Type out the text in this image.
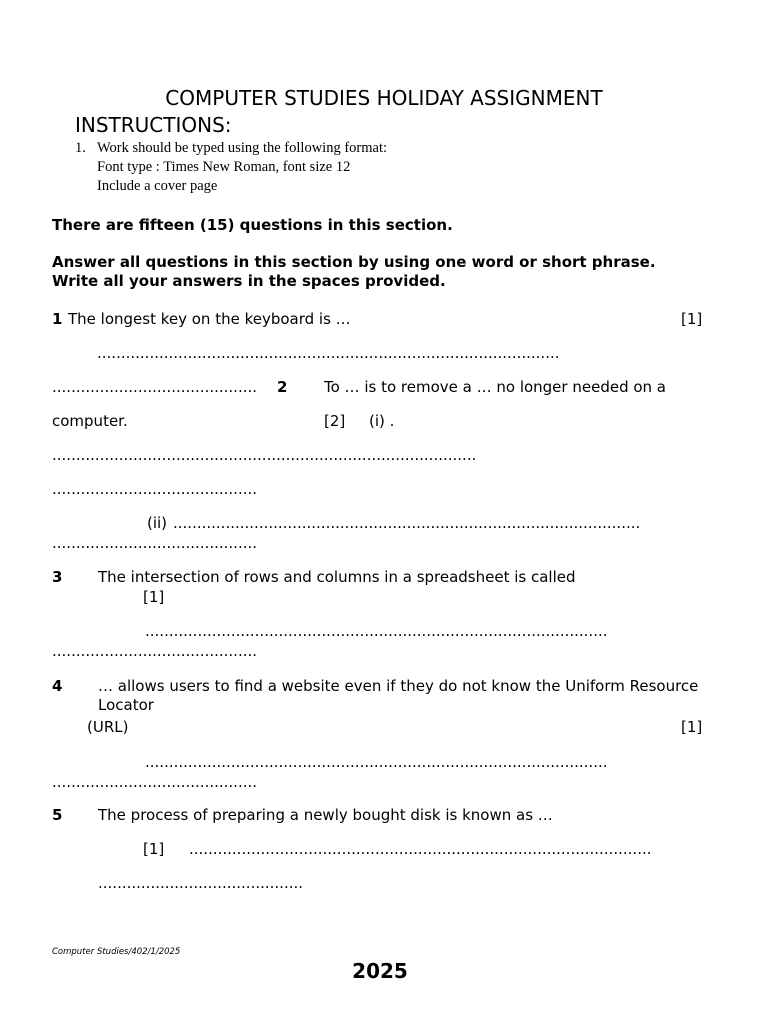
COMPUTER STUDIES HOLIDAY ASSIGNMENT
INSTRUCTIONS:
1. Work should be typed using the following format:
Font type : Times New Roman, font size 12
Include a cover page
There are fifteen (15) questions in this section.
Answer all questions in this section by using one word or short phrase.
Write all your answers in the spaces provided.
1 The longest key on the keyboard is …	[1]
.................................................................................................
........................................... 2 To … is to remove a … no longer needed on a
computer.	[2] (i) .
.........................................................................................
...........................................
(ii) ..................................................................................................
...........................................
3 The intersection of rows and columns in a spreadsheet is called
[1]
.................................................................................................
...........................................
4 … allows users to find a website even if they do not know the Uniform Resource
Locator
(URL)	[1]
.................................................................................................
...........................................
5 The process of preparing a newly bought disk is known as …
[1] .................................................................................................
...........................................
Computer Studies/402/1/2025
2025
